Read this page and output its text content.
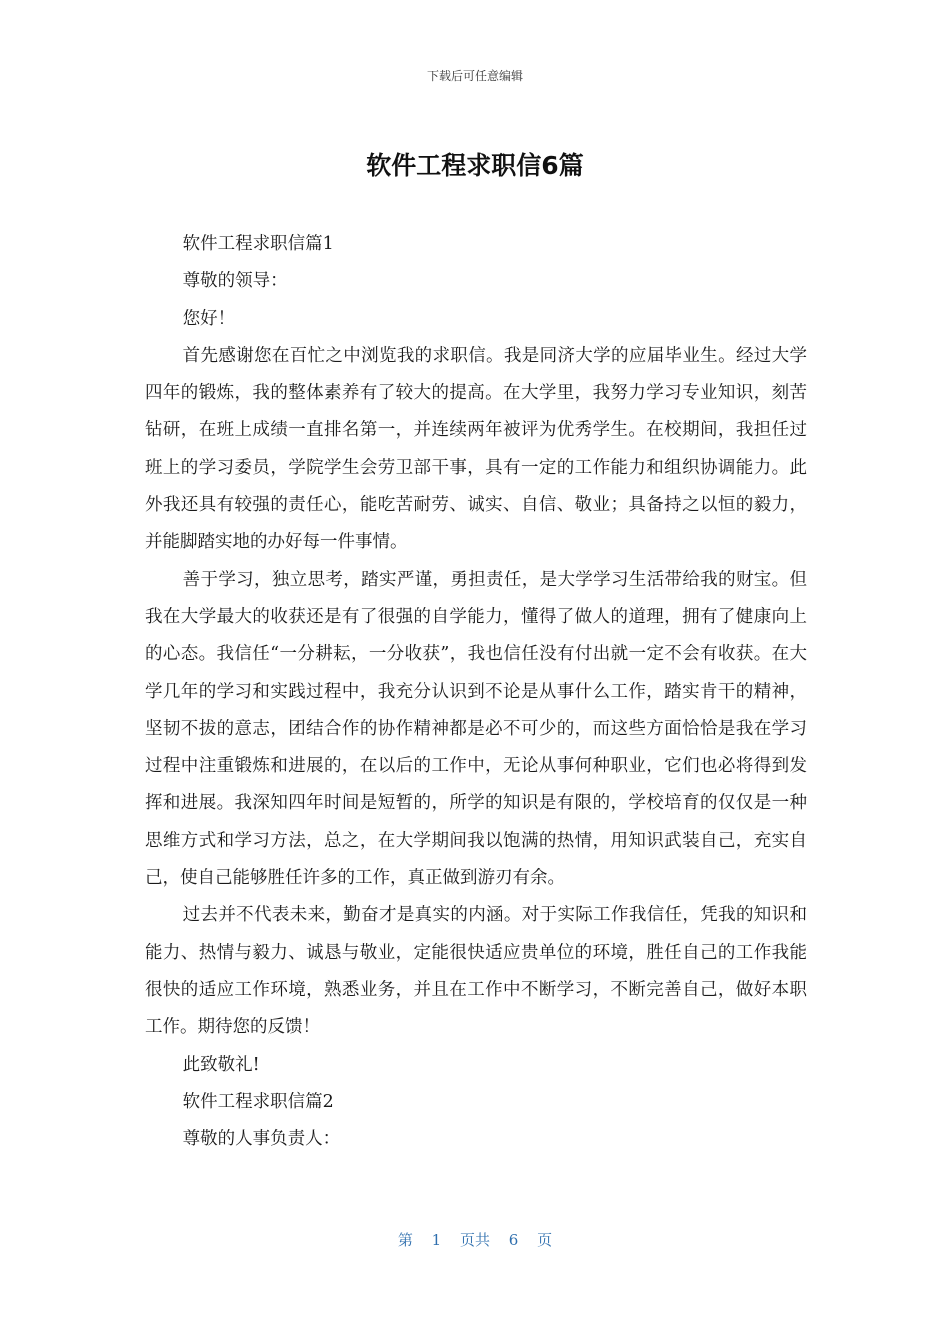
下载后可任意编辑
软件工程求职信6篇

软件工程求职信篇1

尊敬的领导：

您好！

首先感谢您在百忙之中浏览我的求职信。我是同济大学的应届毕业生。经过大学四年的锻炼，我的整体素养有了较大的提高。在大学里，我努力学习专业知识，刻苦钻研，在班上成绩一直排名第一，并连续两年被评为优秀学生。在校期间，我担任过班上的学习委员，学院学生会劳卫部干事，具有一定的工作能力和组织协调能力。此外我还具有较强的责任心，能吃苦耐劳、诚实、自信、敬业；具备持之以恒的毅力，并能脚踏实地的办好每一件事情。

善于学习，独立思考，踏实严谨，勇担责任，是大学学习生活带给我的财宝。但我在大学最大的收获还是有了很强的自学能力，懂得了做人的道理，拥有了健康向上的心态。我信任“一分耕耘，一分收获”，我也信任没有付出就一定不会有收获。在大学几年的学习和实践过程中，我充分认识到不论是从事什么工作，踏实肯干的精神，坚韧不拔的意志，团结合作的协作精神都是必不可少的，而这些方面恰恰是我在学习过程中注重锻炼和进展的，在以后的工作中，无论从事何种职业，它们也必将得到发挥和进展。我深知四年时间是短暂的，所学的知识是有限的，学校培育的仅仅是一种思维方式和学习方法，总之，在大学期间我以饱满的热情，用知识武装自己，充实自己，使自己能够胜任许多的工作，真正做到游刃有余。

过去并不代表未来，勤奋才是真实的内涵。对于实际工作我信任，凭我的知识和能力、热情与毅力、诚恳与敬业，定能很快适应贵单位的环境，胜任自己的工作我能很快的适应工作环境，熟悉业务，并且在工作中不断学习，不断完善自己，做好本职工作。期待您的反馈！

此致敬礼!

软件工程求职信篇2

尊敬的人事负责人：

第 1 页共 6 页
